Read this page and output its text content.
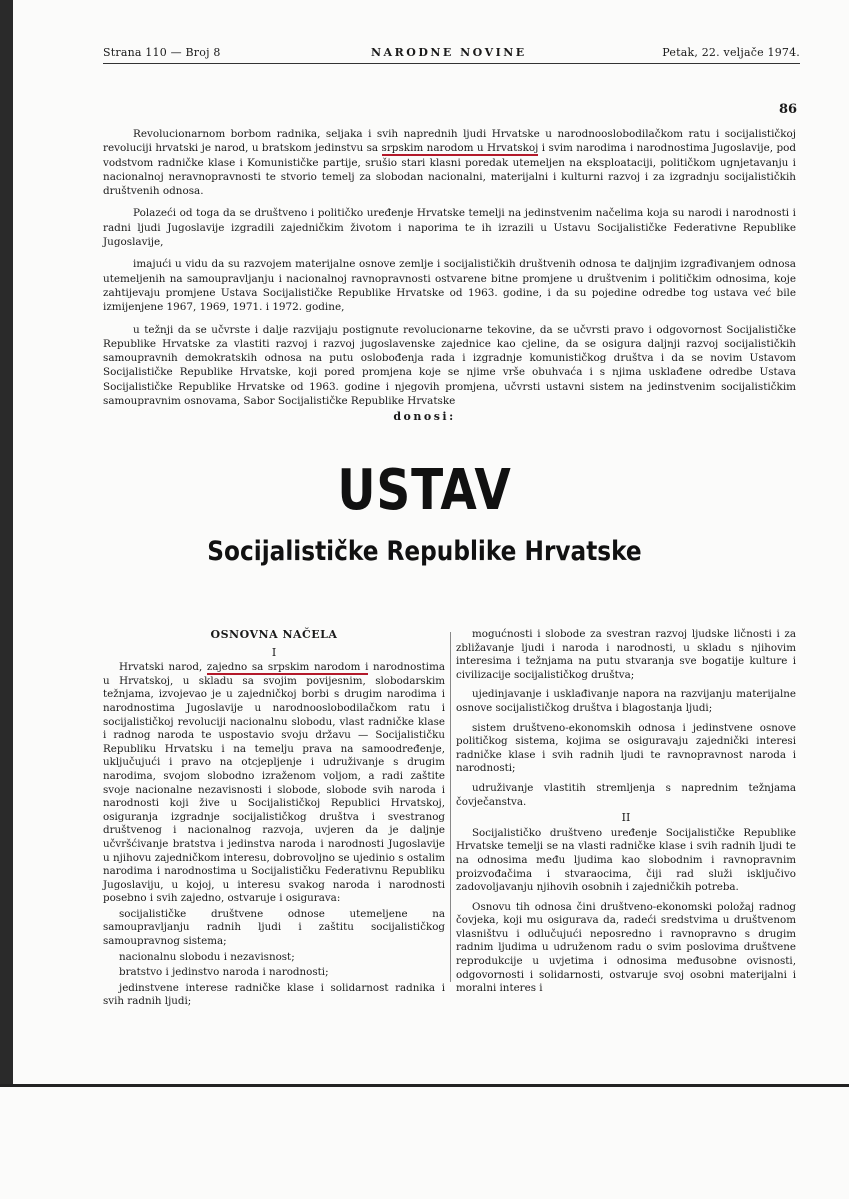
Strana 110 — Broj 8	NARODNE NOVINE	Petak, 22. veljače 1974.
86

Revolucionarnom borbom radnika, seljaka i svih naprednih ljudi Hrvatske u narodnooslobodilačkom ratu i socijalističkoj revoluciji hrvatski je narod, u bratskom jedinstvu sa srpskim narodom u Hrvatskoj i svim narodima i narodnostima Jugoslavije, pod vodstvom radničke klase i Komunističke partije, srušio stari klasni poredak utemeljen na eksploataciji, političkom ugnjetavanju i nacionalnoj neravnopravnosti te stvorio temelj za slobodan nacionalni, materijalni i kulturni razvoj i za izgradnju socijalističkih društvenih odnosa.

Polazeći od toga da se društveno i političko uređenje Hrvatske temelji na jedinstvenim načelima koja su narodi i narodnosti i radni ljudi Jugoslavije izgradili zajedničkim životom i naporima te ih izrazili u Ustavu Socijalističke Federativne Republike Jugoslavije,

imajući u vidu da su razvojem materijalne osnove zemlje i socijalističkih društvenih odnosa te daljnjim izgrađivanjem odnosa utemeljenih na samoupravljanju i nacionalnoj ravnopravnosti ostvarene bitne promjene u društvenim i političkim odnosima, koje zahtijevaju promjene Ustava Socijalističke Republike Hrvatske od 1963. godine, i da su pojedine odredbe tog ustava već bile izmijenjene 1967, 1969, 1971. i 1972. godine,

u težnji da se učvrste i dalje razvijaju postignute revolucionarne tekovine, da se učvrsti pravo i odgovornost Socijalističke Republike Hrvatske za vlastiti razvoj i razvoj jugoslavenske zajednice kao cjeline, da se osigura daljnji razvoj socijalističkih samoupravnih demokratskih odnosa na putu oslobođenja rada i izgradnje komunističkog društva i da se novim Ustavom Socijalističke Republike Hrvatske, koji pored promjena koje se njime vrše obuhvaća i s njima usklađene odredbe Ustava Socijalističke Republike Hrvatske od 1963. godine i njegovih promjena, učvrsti ustavni sistem na jedinstvenim socijalističkim samoupravnim osnovama, Sabor Socijalističke Republike Hrvatske

donosi:
USTAV
Socijalističke Republike Hrvatske
OSNOVNA NAČELA
I

Hrvatski narod, zajedno sa srpskim narodom i narodnostima u Hrvatskoj, u skladu sa svojim povijesnim, slobodarskim težnjama, izvojevao je u zajedničkoj borbi s drugim narodima i narodnostima Jugoslavije u narodnooslobodilačkom ratu i socijalističkoj revoluciji nacionalnu slobodu, vlast radničke klase i radnog naroda te uspostavio svoju državu — Socijalističku Republiku Hrvatsku i na temelju prava na samoodređenje, uključujući i pravo na otcjepljenje i udruživanje s drugim narodima, svojom slobodno izraženom voljom, a radi zaštite svoje nacionalne nezavisnosti i slobode, slobode svih naroda i narodnosti koji žive u Socijalističkoj Republici Hrvatskoj, osiguranja izgradnje socijalističkog društva i svestranog društvenog i nacionalnog razvoja, uvjeren da je daljnje učvršćivanje bratstva i jedinstva naroda i narodnosti Jugoslavije u njihovu zajedničkom interesu, dobrovoljno se ujedinio s ostalim narodima i narodnostima u Socijalističku Federativnu Republiku Jugoslaviju, u kojoj, u interesu svakog naroda i narodnosti posebno i svih zajedno, ostvaruje i osigurava:

socijalističke društvene odnose utemeljene na samoupravljanju radnih ljudi i zaštitu socijalističkog samoupravnog sistema;

nacionalnu slobodu i nezavisnost;

bratstvo i jedinstvo naroda i narodnosti;

jedinstvene interese radničke klase i solidarnost radnika i svih radnih ljudi;

mogućnosti i slobode za svestran razvoj ljudske ličnosti i za zbližavanje ljudi i naroda i narodnosti, u skladu s njihovim interesima i težnjama na putu stvaranja sve bogatije kulture i civilizacije socijalističkog društva;

ujedinjavanje i usklađivanje napora na razvijanju materijalne osnove socijalističkog društva i blagostanja ljudi;

sistem društveno-ekonomskih odnosa i jedinstvene osnove političkog sistema, kojima se osiguravaju zajednički interesi radničke klase i svih radnih ljudi te ravnopravnost naroda i narodnosti;

udruživanje vlastitih stremljenja s naprednim težnjama čovječanstva.

II

Socijalističko društveno uređenje Socijalističke Republike Hrvatske temelji se na vlasti radničke klase i svih radnih ljudi te na odnosima među ljudima kao slobodnim i ravnopravnim proizvođačima i stvaraocima, čiji rad služi isključivo zadovoljavanju njihovih osobnih i zajedničkih potreba.

Osnovu tih odnosa čini društveno-ekonomski položaj radnog čovjeka, koji mu osigurava da, radeći sredstvima u društvenom vlasništvu i odlučujući neposredno i ravnopravno s drugim radnim ljudima u udruženom radu o svim poslovima društvene reprodukcije u uvjetima i odnosima međusobne ovisnosti, odgovornosti i solidarnosti, ostvaruje svoj osobni materijalni i moralni interes i
